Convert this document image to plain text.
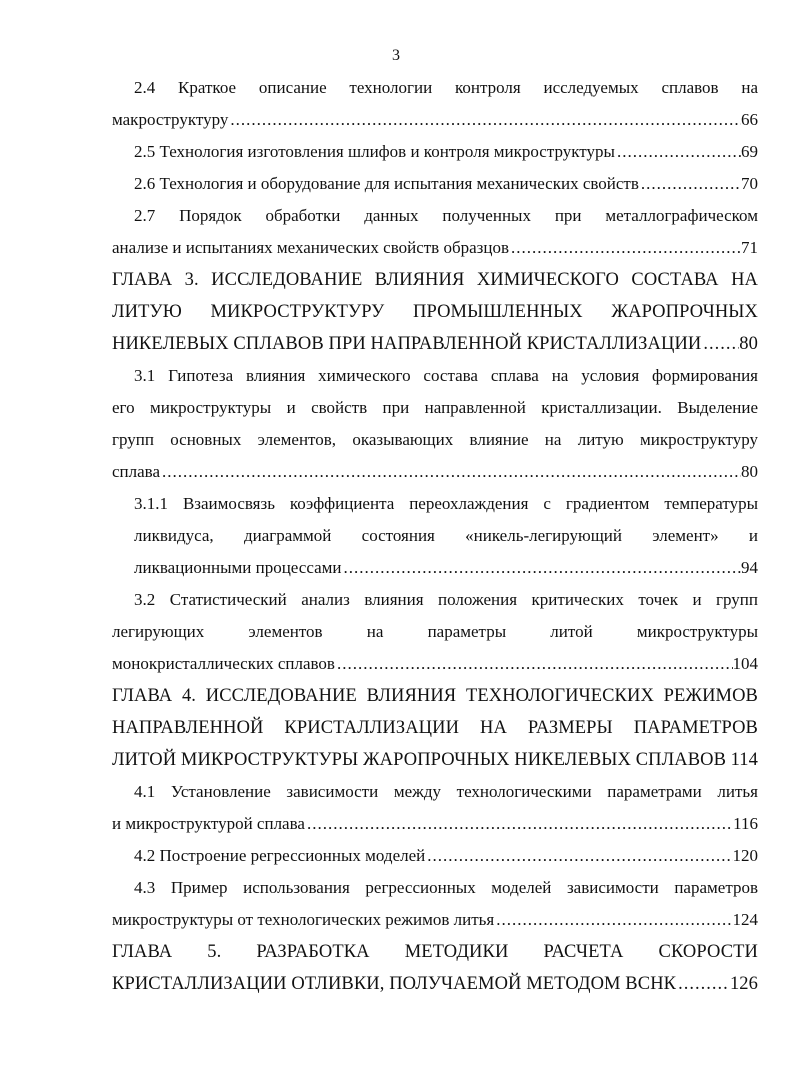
3
2.4 Краткое описание технологии контроля исследуемых сплавов на
макроструктуру .....	66
2.5 Технология изготовления шлифов и контроля микроструктуры .....	69
2.6 Технология и оборудование для испытания механических свойств .....	70
2.7 Порядок обработки данных полученных при металлографическом
анализе и испытаниях механических свойств образцов .....	71
ГЛАВА 3. ИССЛЕДОВАНИЕ ВЛИЯНИЯ ХИМИЧЕСКОГО СОСТАВА НА
ЛИТУЮ МИКРОСТРУКТУРУ ПРОМЫШЛЕННЫХ ЖАРОПРОЧНЫХ
НИКЕЛЕВЫХ СПЛАВОВ ПРИ НАПРАВЛЕННОЙ КРИСТАЛЛИЗАЦИИ ..... 80
3.1 Гипотеза влияния химического состава сплава на условия формирования
его микроструктуры и свойств при направленной кристаллизации. Выделение
групп основных элементов, оказывающих влияние на литую микроструктуру
сплава .....	80
3.1.1 Взаимосвязь коэффициента переохлаждения с градиентом температуры
ликвидуса, диаграммой состояния «никель-легирующий элемент» и
ликвационными процессами .....	94
3.2 Статистический анализ влияния положения критических точек и групп
легирующих элементов на параметры литой микроструктуры
монокристаллических сплавов .....	104
ГЛАВА 4. ИССЛЕДОВАНИЕ ВЛИЯНИЯ ТЕХНОЛОГИЧЕСКИХ РЕЖИМОВ
НАПРАВЛЕННОЙ КРИСТАЛЛИЗАЦИИ НА РАЗМЕРЫ ПАРАМЕТРОВ
ЛИТОЙ МИКРОСТРУКТУРЫ ЖАРОПРОЧНЫХ НИКЕЛЕВЫХ СПЛАВОВ 114
4.1 Установление зависимости между технологическими параметрами литья
и микроструктурой сплава .....	116
4.2 Построение регрессионных моделей .....	120
4.3 Пример использования регрессионных моделей зависимости параметров
микроструктуры от технологических режимов литья .....	124
ГЛАВА 5. РАЗРАБОТКА МЕТОДИКИ РАСЧЕТА СКОРОСТИ
КРИСТАЛЛИЗАЦИИ ОТЛИВКИ, ПОЛУЧАЕМОЙ МЕТОДОМ ВСНК .....	126
